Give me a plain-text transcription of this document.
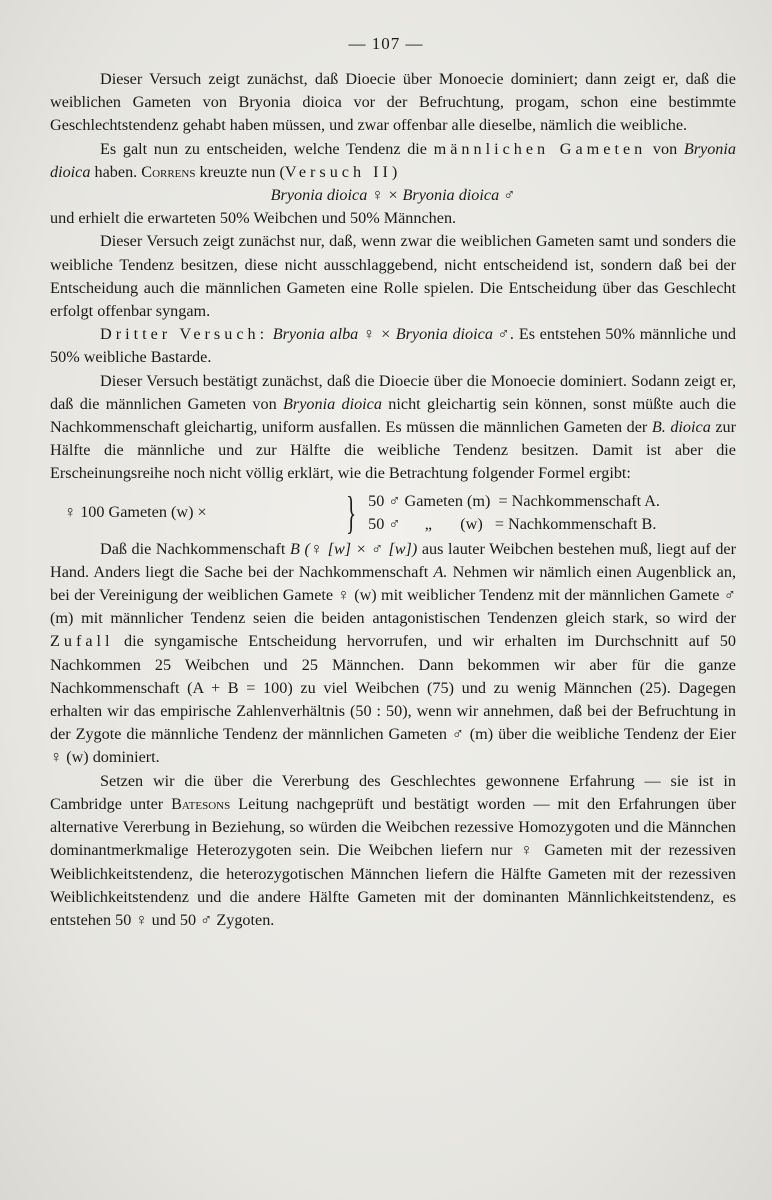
— 107 —

Dieser Versuch zeigt zunächst, daß Dioecie über Monoecie dominiert; dann zeigt er, daß die weiblichen Gameten von Bryonia dioica vor der Befruchtung, progam, schon eine bestimmte Geschlechtstendenz gehabt haben müssen, und zwar offenbar alle dieselbe, nämlich die weibliche.

Es galt nun zu entscheiden, welche Tendenz die männlichen Gameten von Bryonia dioica haben. Correns kreuzte nun (Versuch II)

Bryonia dioica ♀ × Bryonia dioica ♂

und erhielt die erwarteten 50% Weibchen und 50% Männchen.

Dieser Versuch zeigt zunächst nur, daß, wenn zwar die weiblichen Gameten samt und sonders die weibliche Tendenz besitzen, diese nicht ausschlaggebend, nicht entscheidend ist, sondern daß bei der Entscheidung auch die männlichen Gameten eine Rolle spielen. Die Entscheidung über das Geschlecht erfolgt offenbar syngam.

Dritter Versuch: Bryonia alba ♀ × Bryonia dioica ♂. Es entstehen 50% männliche und 50% weibliche Bastarde.

Dieser Versuch bestätigt zunächst, daß die Dioecie über die Monoecie dominiert. Sodann zeigt er, daß die männlichen Gameten von Bryonia dioica nicht gleichartig sein können, sonst müßte auch die Nachkommenschaft gleichartig, uniform ausfallen. Es müssen die männlichen Gameten der B. dioica zur Hälfte die männliche und zur Hälfte die weibliche Tendenz besitzen. Damit ist aber die Erscheinungsreihe noch nicht völlig erklärt, wie die Betrachtung folgender Formel ergibt:

♀ 100 Gameten (w) ×	} 50 ♂ Gameten (m)  = Nachkommenschaft A.
50 ♂      „       (w)   = Nachkommenschaft B.

Daß die Nachkommenschaft B (♀ [w] × ♂ [w]) aus lauter Weibchen bestehen muß, liegt auf der Hand. Anders liegt die Sache bei der Nachkommenschaft A. Nehmen wir nämlich einen Augenblick an, bei der Vereinigung der weiblichen Gamete ♀ (w) mit weiblicher Tendenz mit der männlichen Gamete ♂ (m) mit männlicher Tendenz seien die beiden antagonistischen Tendenzen gleich stark, so wird der Zufall die syngamische Entscheidung hervorrufen, und wir erhalten im Durchschnitt auf 50 Nachkommen 25 Weibchen und 25 Männchen. Dann bekommen wir aber für die ganze Nachkommenschaft (A + B = 100) zu viel Weibchen (75) und zu wenig Männchen (25). Dagegen erhalten wir das empirische Zahlenverhältnis (50 : 50), wenn wir annehmen, daß bei der Befruchtung in der Zygote die männliche Tendenz der männlichen Gameten ♂ (m) über die weibliche Tendenz der Eier ♀ (w) dominiert.

Setzen wir die über die Vererbung des Geschlechtes gewonnene Erfahrung — sie ist in Cambridge unter Batesons Leitung nachgeprüft und bestätigt worden — mit den Erfahrungen über alternative Vererbung in Beziehung, so würden die Weibchen rezessive Homozygoten und die Männchen dominantmerkmalige Heterozygoten sein. Die Weibchen liefern nur ♀ Gameten mit der rezessiven Weiblichkeitstendenz, die heterozygotischen Männchen liefern die Hälfte Gameten mit der rezessiven Weiblichkeitstendenz und die andere Hälfte Gameten mit der dominanten Männlichkeitstendenz, es entstehen 50 ♀ und 50 ♂ Zygoten.
